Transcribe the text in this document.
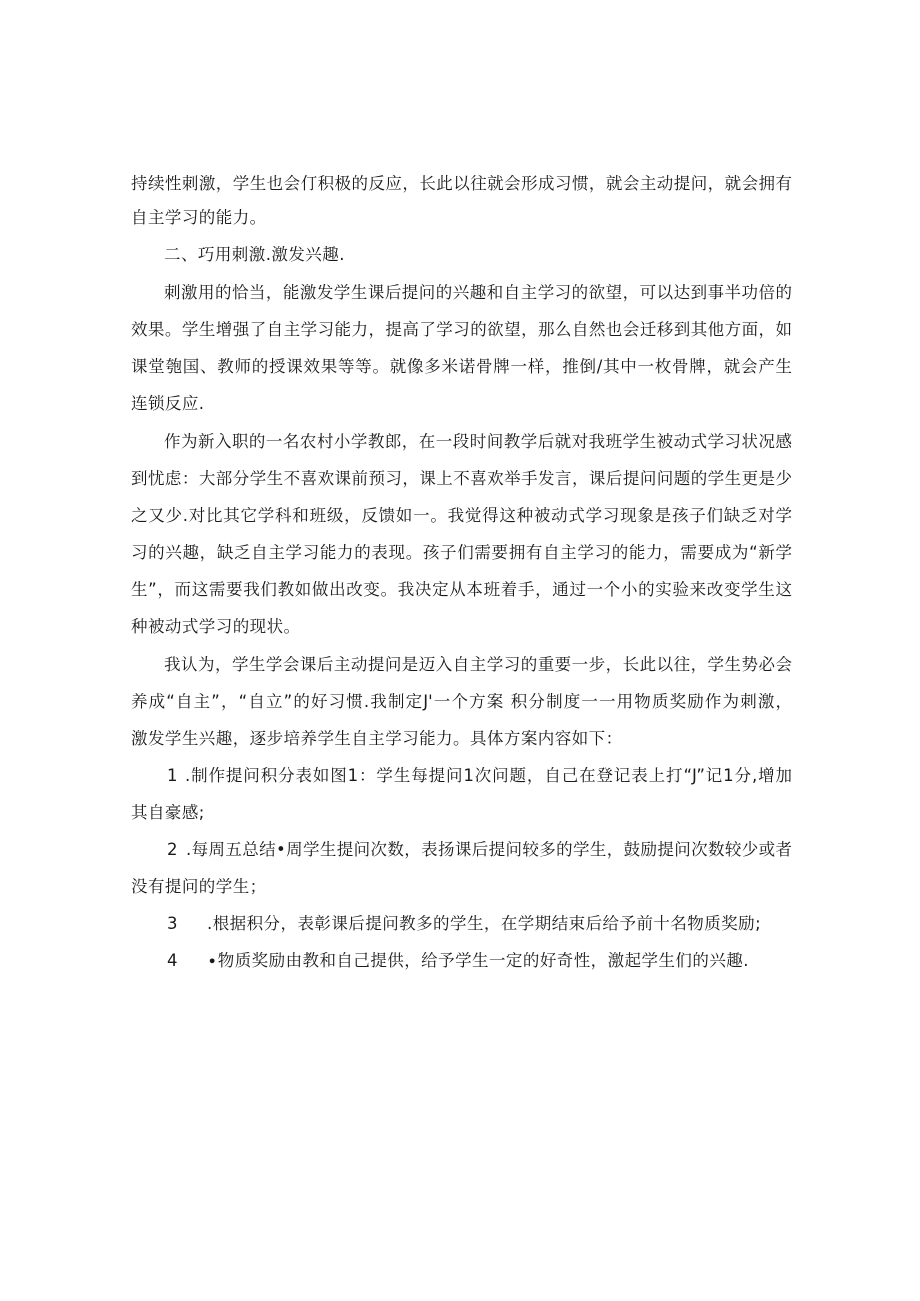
持续性刺激，学生也会仃积极的反应，长此以往就会形成习惯，就会主动提问，就会拥有
自主学习的能力。
二、巧用刺激.激发兴趣.
刺激用的恰当，能激发学生课后提问的兴趣和自主学习的欲望，可以达到事半功倍的
效果。学生增强了自主学习能力，提高了学习的欲望，那么自然也会迁移到其他方面，如
课堂匏国、教师的授课效果等等。就像多米诺骨牌一样，推倒/其中一枚骨牌，就会产生
连锁反应.
作为新入职的一名农村小学教郎，在一段时间教学后就对我班学生被动式学习状况感
到忧虑：大部分学生不喜欢课前预习，课上不喜欢举手发言，课后提问问题的学生更是少
之又少.对比其它学科和班级，反馈如一。我觉得这种被动式学习现象是孩子们缺乏对学
习的兴趣，缺乏自主学习能力的表现。孩子们需要拥有自主学习的能力，需要成为“新学
生”，而这需要我们教如做出改变。我决定从本班着手，通过一个小的实验来改变学生这
种被动式学习的现状。
我认为，学生学会课后主动提问是迈入自主学习的重要一步，长此以往，学生势必会
养成“自主”，“自立”的好习惯.我制定J'一个方案 积分制度一一用物质奖励作为刺激，
激发学生兴趣，逐步培养学生自主学习能力。具体方案内容如下：
1 .制作提问积分表如图1：学生每提问1次问题，自己在登记表上打“J”记1分,增加
其自豪感;
2 .每周五总结•周学生提问次数，表扬课后提问较多的学生，鼓励提问次数较少或者
没有提问的学生；
3 .根据积分，表彰课后提问教多的学生，在学期结束后给予前十名物质奖励;
4 ∙物质奖励由教和自己提供，给予学生一定的好奇性，激起学生们的兴趣.
